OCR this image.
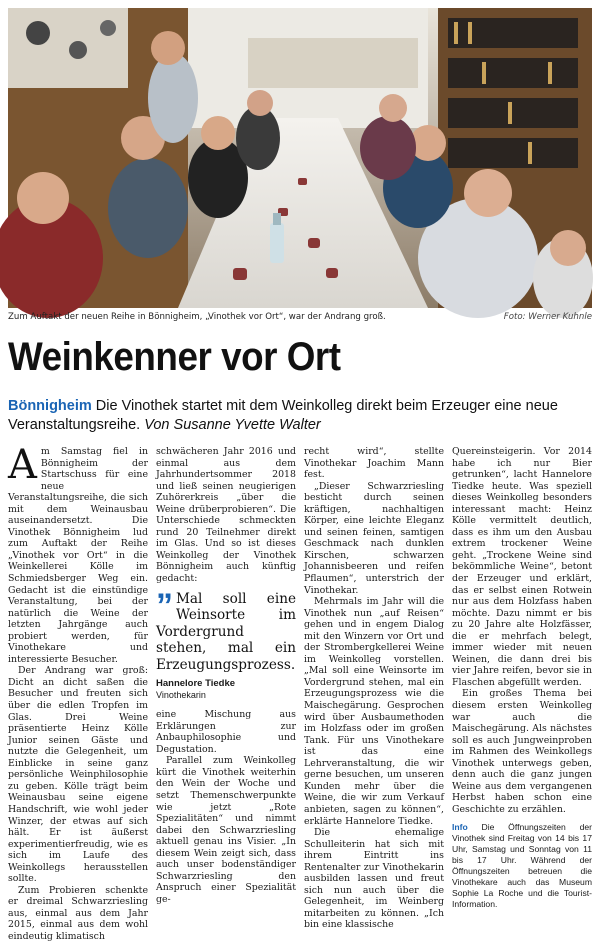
Zum Auftakt der neuen Reihe in Bönnigheim, „Vinothek vor Ort“, war der Andrang groß.	Foto: Werner Kuhnle
Weinkenner vor Ort
Bönnigheim Die Vinothek startet mit dem Weinkolleg direkt beim Erzeuger eine neue Veranstaltungsreihe. Von Susanne Yvette Walter
A m Samstag fiel in Bönnigheim der Startschuss für eine neue Veranstaltungsreihe, die sich mit dem Weinausbau auseinandersetzt. Die Vinothek Bönnigheim lud zum Auftakt der Reihe „Vinothek vor Ort“ in die Weinkellerei Kölle im Schmiedsberger Weg ein. Gedacht ist die einstündige Veranstaltung, bei der natürlich die Weine der letzten Jahrgänge auch probiert werden, für Vinothekare und interessierte Besucher.

Der Andrang war groß: Dicht an dicht saßen die Besucher und freuten sich über die edlen Tropfen im Glas. Drei Weine präsentierte Heinz Kölle Junior seinen Gäste und nutzte die Gelegenheit, um Einblicke in seine ganz persönliche Weinphilosophie zu geben. Kölle trägt beim Weinausbau seine eigene Handschrift, wie wohl jeder Winzer, der etwas auf sich hält. Er ist äußerst experimentierfreudig, wie es sich im Laufe des Weinkollegs herausstellen sollte.

Zum Probieren schenkte er dreimal Schwarzriesling aus, einmal aus dem Jahr 2015, einmal aus dem wohl eindeutig klimatisch

schwächeren Jahr 2016 und einmal aus dem Jahrhundertsommer 2018 und ließ seinen neugierigen Zuhörerkreis „über die Weine drüberprobieren“. Die Unterschiede schmeckten rund 20 Teilnehmer direkt im Glas. Und so ist dieses Weinkolleg der Vinothek Bönnigheim auch künftig gedacht:

” Mal soll eine Weinsorte im Vordergrund stehen, mal ein Erzeugungsprozess.
Hannelore Tiedke
Vinothekarin

eine Mischung aus Erklärungen zur Anbauphilosophie und Degustation.

Parallel zum Weinkolleg kürt die Vinothek weiterhin den Wein der Woche und setzt Themenschwerpunkte wie jetzt „Rote Spezialitäten“ und nimmt dabei den Schwarzriesling aktuell genau ins Visier. „In diesem Wein zeigt sich, dass auch unser bodenständiger Schwarzriesling den Anspruch einer Spezialität ge-

recht wird“, stellte Vinothekar Joachim Mann fest.

„Dieser Schwarzriesling besticht durch seinen kräftigen, nachhaltigen Körper, eine leichte Eleganz und seinen feinen, samtigen Geschmack nach dunklen Kirschen, schwarzen Johannisbeeren und reifen Pflaumen“, unterstrich der Vinothekar.

Mehrmals im Jahr will die Vinothek nun „auf Reisen“ gehen und in engem Dialog mit den Winzern vor Ort und der Strombergkellerei Weine im Weinkolleg vorstellen. „Mal soll eine Weinsorte im Vordergrund stehen, mal ein Erzeugungsprozess wie die Maischegärung. Gesprochen wird über Ausbaumethoden im Holzfass oder im großen Tank. Für uns Vinothekare ist das eine Lehrveranstaltung, die wir gerne besuchen, um unseren Kunden mehr über die Weine, die wir zum Verkauf anbieten, sagen zu können“, erklärte Hannelore Tiedke.

Die ehemalige Schulleiterin hat sich mit ihrem Eintritt ins Rentenalter zur Vinothekarin ausbilden lassen und freut sich nun auch über die Gelegenheit, im Weinberg mitarbeiten zu können. „Ich bin eine klassische

Quereinsteigerin. Vor 2014 habe ich nur Bier getrunken“, lacht Hannelore Tiedke heute. Was speziell dieses Weinkolleg besonders interessant macht: Heinz Kölle vermittelt deutlich, dass es ihm um den Ausbau extrem trockener Weine geht. „Trockene Weine sind bekömmliche Weine“, betont der Erzeuger und erklärt, das er selbst einen Rotwein nur aus dem Holzfass haben möchte. Dazu nimmt er bis zu 20 Jahre alte Holzfässer, die er mehrfach belegt, immer wieder mit neuen Weinen, die dann drei bis vier Jahre reifen, bevor sie in Flaschen abgefüllt werden.

Ein großes Thema bei diesem ersten Weinkolleg war auch die Maischegärung. Als nächstes soll es auch Jungweinproben im Rahmen des Weinkollegs Vinothek unterwegs geben, denn auch die ganz jungen Weine aus dem vergangenen Herbst haben schon eine Geschichte zu erzählen.

Info Die Öffnungszeiten der Vinothek sind Freitag von 14 bis 17 Uhr, Samstag und Sonntag von 11 bis 17 Uhr. Während der Öffnungszeiten betreuen die Vinothekare auch das Museum Sophie La Roche und die Tourist-Information.
